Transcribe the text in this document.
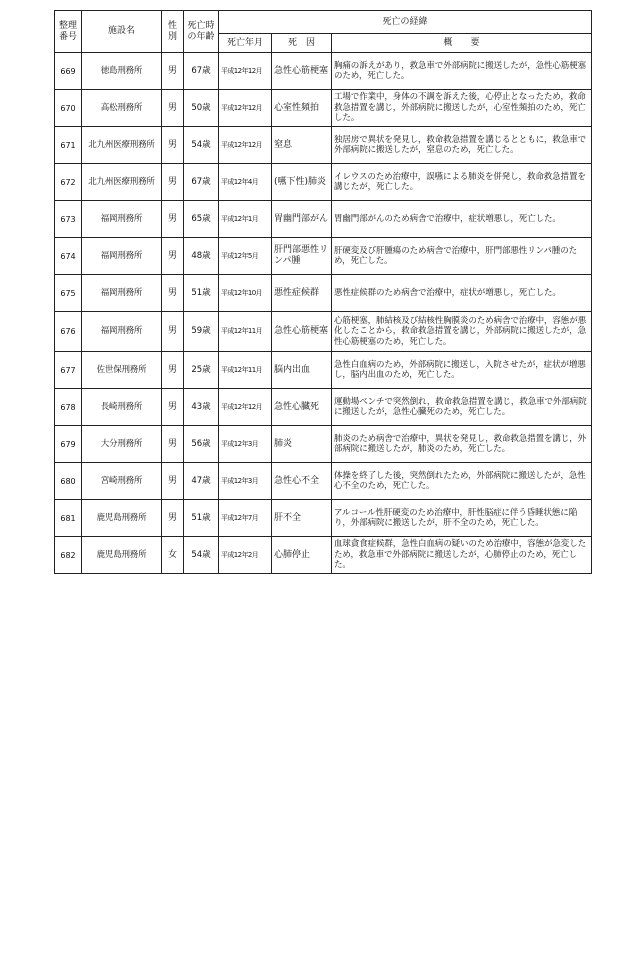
整理番号	施設名	性別	死亡時の年齢	死亡の経緯		
				死亡年月	死　因	概　　要
669	徳島刑務所	男	67歳	平成12年12月	急性心筋梗塞	胸痛の訴えがあり，救急車で外部病院に搬送したが，急性心筋梗塞のため，死亡した。
670	高松刑務所	男	50歳	平成12年12月	心室性頻拍	工場で作業中，身体の不調を訴えた後，心停止となったため，救命救急措置を講じ，外部病院に搬送したが，心室性頻拍のため，死亡した。
671	北九州医療刑務所	男	54歳	平成12年12月	窒息	独居房で異状を発見し，救命救急措置を講じるとともに，救急車で外部病院に搬送したが，窒息のため，死亡した。
672	北九州医療刑務所	男	67歳	平成12年4月	(嚥下性)肺炎	イレウスのため治療中，誤嚥による肺炎を併発し，救命救急措置を講じたが，死亡した。
673	福岡刑務所	男	65歳	平成12年1月	胃幽門部がん	胃幽門部がんのため病舎で治療中，症状増悪し，死亡した。
674	福岡刑務所	男	48歳	平成12年5月	肝門部悪性リンパ腫	肝硬変及び肝腫瘍のため病舎で治療中，肝門部悪性リンパ腫のため，死亡した。
675	福岡刑務所	男	51歳	平成12年10月	悪性症候群	悪性症候群のため病舎で治療中，症状が増悪し，死亡した。
676	福岡刑務所	男	59歳	平成12年11月	急性心筋梗塞	心筋梗塞，肺結核及び結核性胸膜炎のため病舎で治療中，容態が悪化したことから，救命救急措置を講じ，外部病院に搬送したが，急性心筋梗塞のため，死亡した。
677	佐世保刑務所	男	25歳	平成12年11月	脳内出血	急性白血病のため，外部病院に搬送し，入院させたが，症状が増悪し，脳内出血のため，死亡した。
678	長崎刑務所	男	43歳	平成12年12月	急性心臓死	運動場ベンチで突然倒れ，救命救急措置を講じ，救急車で外部病院に搬送したが，急性心臓死のため，死亡した。
679	大分刑務所	男	56歳	平成12年3月	肺炎	肺炎のため病舎で治療中，異状を発見し，救命救急措置を講じ，外部病院に搬送したが，肺炎のため，死亡した。
680	宮崎刑務所	男	47歳	平成12年3月	急性心不全	体操を終了した後，突然倒れたため，外部病院に搬送したが，急性心不全のため，死亡した。
681	鹿児島刑務所	男	51歳	平成12年7月	肝不全	アルコール性肝硬変のため治療中，肝性脳症に伴う昏睡状態に陥り，外部病院に搬送したが，肝不全のため，死亡した。
682	鹿児島刑務所	女	54歳	平成12年2月	心肺停止	血球貪食症候群，急性白血病の疑いのため治療中，容態が急変したため，救急車で外部病院に搬送したが，心肺停止のため，死亡した。
